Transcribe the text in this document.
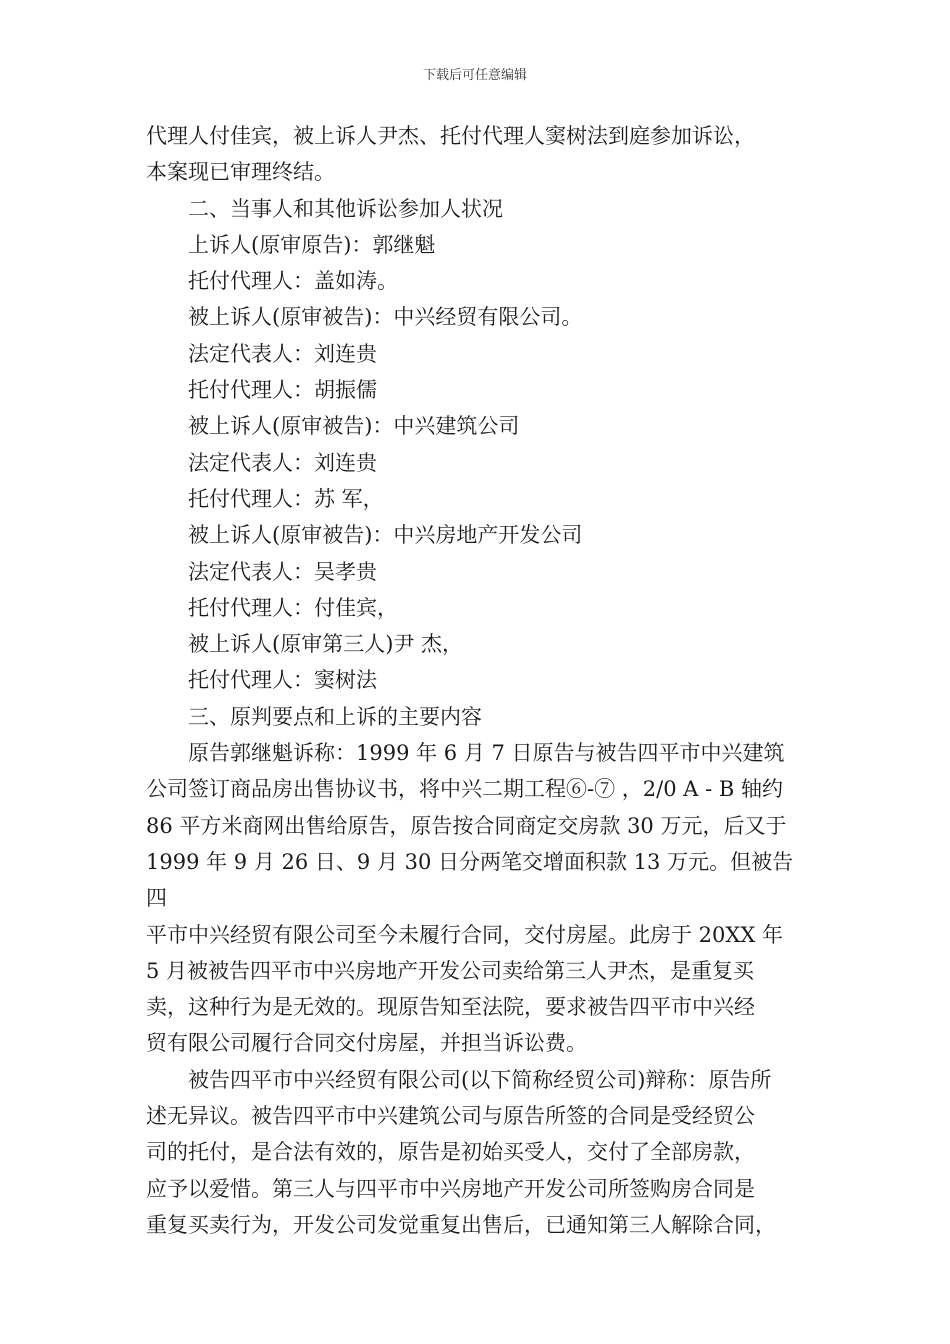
下载后可任意编辑

代理人付佳宾，被上诉人尹杰、托付代理人窦树法到庭参加诉讼，

本案现已审理终结。

二、当事人和其他诉讼参加人状况

上诉人(原审原告)：郭继魁

托付代理人：盖如涛。

被上诉人(原审被告)：中兴经贸有限公司。

法定代表人：刘连贵

托付代理人：胡振儒

被上诉人(原审被告)：中兴建筑公司

法定代表人：刘连贵

托付代理人：苏 军，

被上诉人(原审被告)：中兴房地产开发公司

法定代表人：吴孝贵

托付代理人：付佳宾，

被上诉人(原审第三人)尹 杰，

托付代理人：窦树法

三、原判要点和上诉的主要内容

原告郭继魁诉称：1999 年 6 月 7 日原告与被告四平市中兴建筑

公司签订商品房出售协议书，将中兴二期工程⑥-⑦ ，2/0 A - B 轴约

86 平方米商网出售给原告，原告按合同商定交房款 30 万元，后又于

1999 年 9 月 26 日、9 月 30 日分两笔交增面积款 13 万元。但被告四

平市中兴经贸有限公司至今未履行合同，交付房屋。此房于 20XX 年

5 月被被告四平市中兴房地产开发公司卖给第三人尹杰，是重复买

卖，这种行为是无效的。现原告知至法院，要求被告四平市中兴经

贸有限公司履行合同交付房屋，并担当诉讼费。

被告四平市中兴经贸有限公司(以下简称经贸公司)辩称：原告所

述无异议。被告四平市中兴建筑公司与原告所签的合同是受经贸公

司的托付，是合法有效的，原告是初始买受人，交付了全部房款，

应予以爱惜。第三人与四平市中兴房地产开发公司所签购房合同是

重复买卖行为，开发公司发觉重复出售后，已通知第三人解除合同，
